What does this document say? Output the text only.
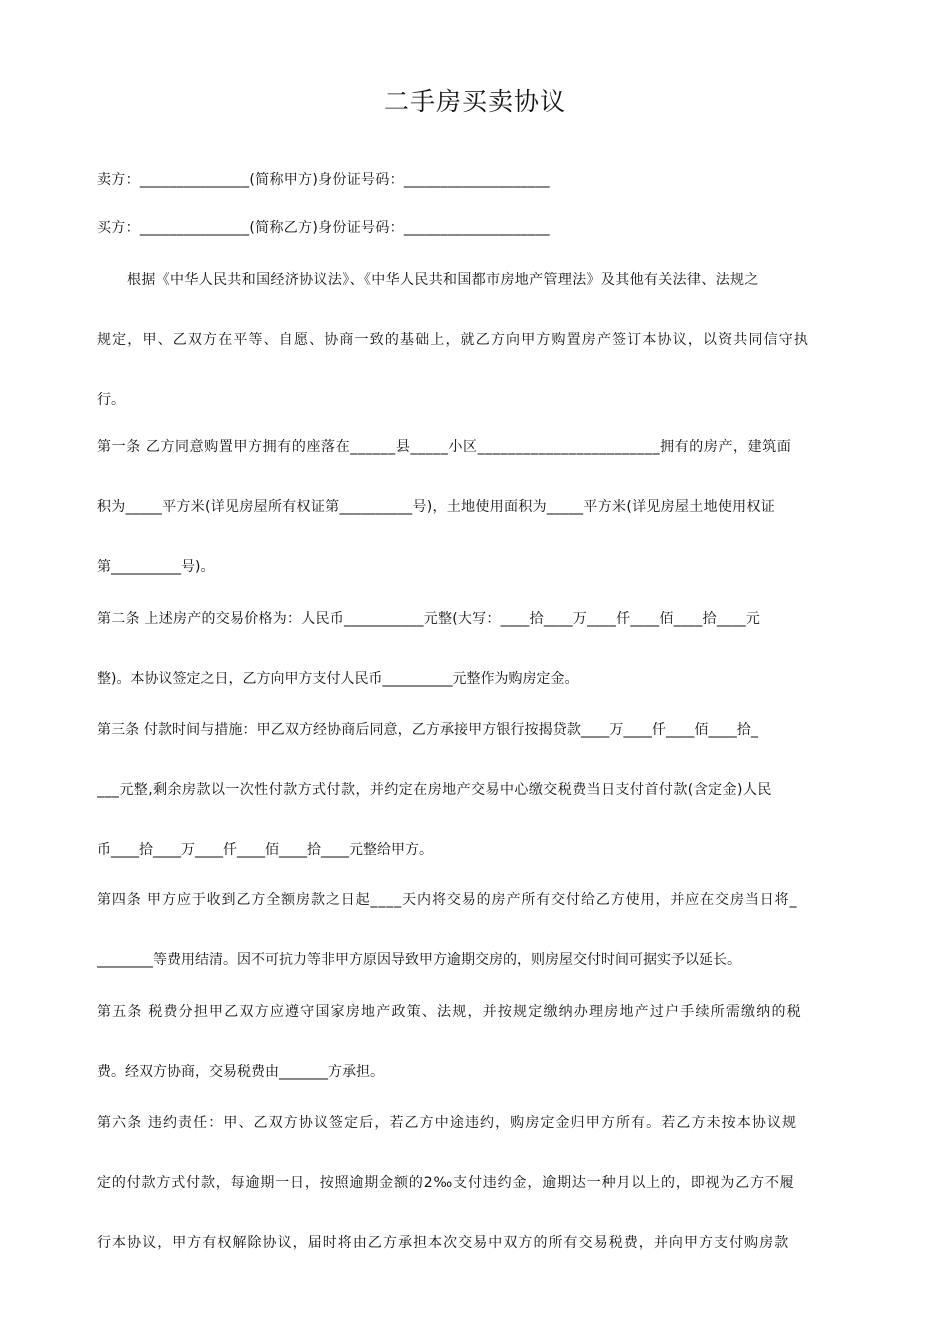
二手房买卖协议
卖方：_______________(简称甲方)身份证号码：____________________
买方：_______________(简称乙方)身份证号码：____________________
根据《中华人民共和国经济协议法》、《中华人民共和国都市房地产管理法》及其他有关法律、法规之
规定，甲、乙双方在平等、自愿、协商一致的基础上，就乙方向甲方购置房产签订本协议，以资共同信守执
行。
第一条 乙方同意购置甲方拥有的座落在______县_____小区________________________拥有的房产，建筑面
积为_____平方米(详见房屋所有权证第__________号)，土地使用面积为_____平方米(详见房屋土地使用权证
第__________号)。
第二条 上述房产的交易价格为：人民币___________元整(大写：____拾____万____仟____佰____拾____元
整)。本协议签定之日，乙方向甲方支付人民币__________元整作为购房定金。
第三条 付款时间与措施：甲乙双方经协商后同意，乙方承接甲方银行按揭贷款____万____仟____佰____拾_
___元整,剩余房款以一次性付款方式付款，并约定在房地产交易中心缴交税费当日支付首付款(含定金)人民
币____拾____万____仟____佰____拾____元整给甲方。
第四条 甲方应于收到乙方全额房款之日起____天内将交易的房产所有交付给乙方使用，并应在交房当日将_
________等费用结清。因不可抗力等非甲方原因导致甲方逾期交房的，则房屋交付时间可据实予以延长。
第五条 税费分担甲乙双方应遵守国家房地产政策、法规，并按规定缴纳办理房地产过户手续所需缴纳的税
费。经双方协商，交易税费由_______方承担。
第六条 违约责任：甲、乙双方协议签定后，若乙方中途违约，购房定金归甲方所有。若乙方未按本协议规
定的付款方式付款，每逾期一日，按照逾期金额的2‰支付违约金，逾期达一种月以上的，即视为乙方不履
行本协议，甲方有权解除协议，届时将由乙方承担本次交易中双方的所有交易税费，并向甲方支付购房款
